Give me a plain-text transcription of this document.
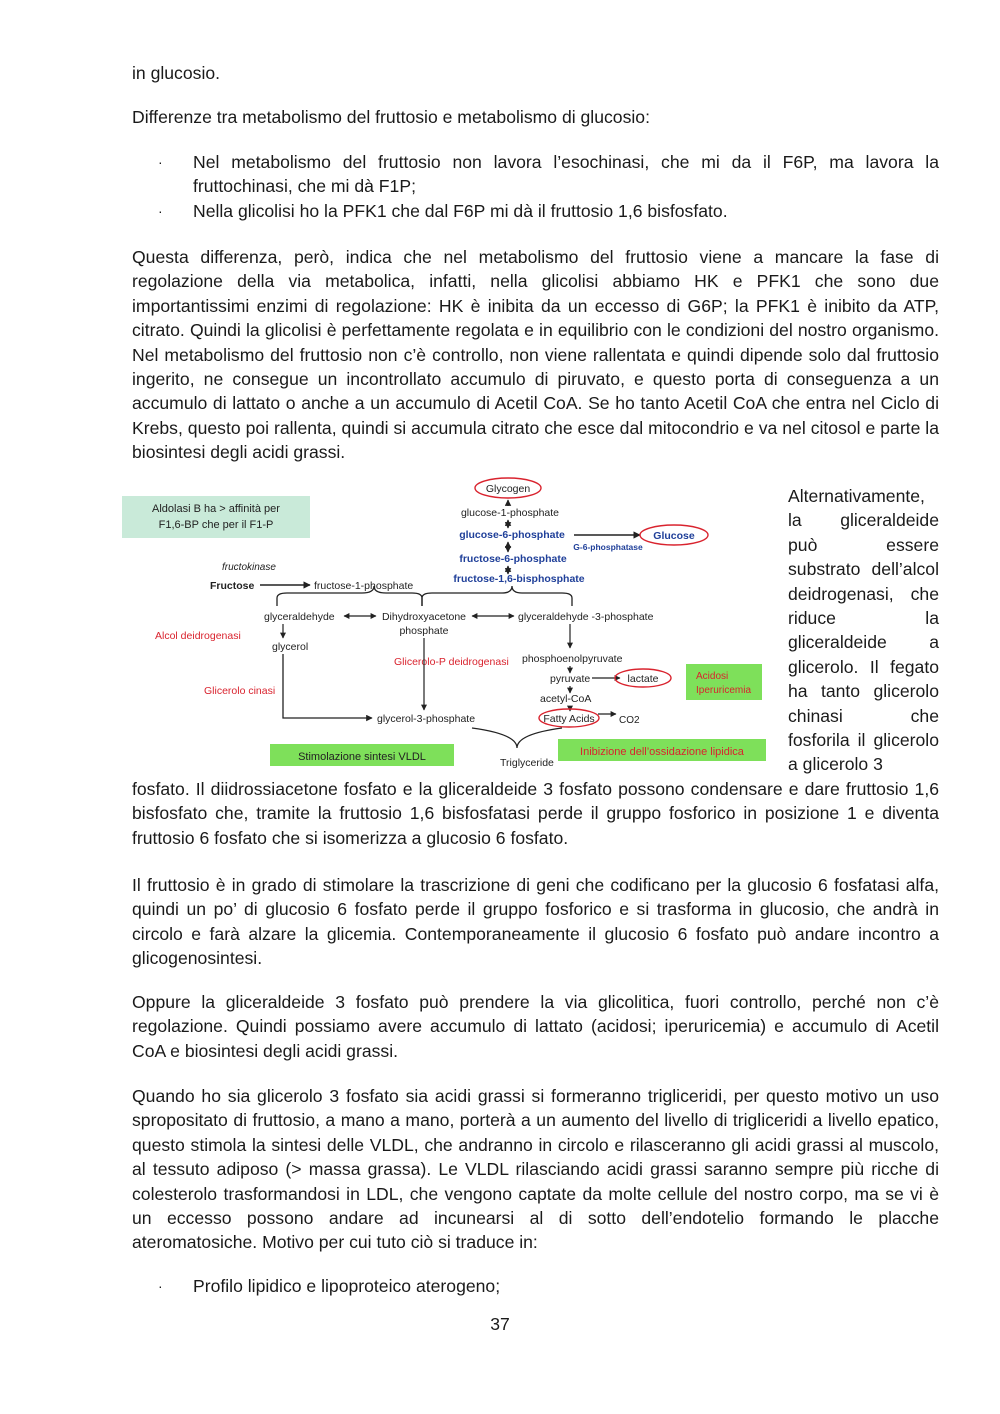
in glucosio.

Differenze tra metabolismo del fruttosio e metabolismo di glucosio:

· Nel metabolismo del fruttosio non lavora l’esochinasi, che mi da il F6P, ma lavora la fruttochinasi, che mi dà F1P;
· Nella glicolisi ho la PFK1 che dal F6P mi dà il fruttosio 1,6 bisfosfato.

Questa differenza, però, indica che nel metabolismo del fruttosio viene a mancare la fase di regolazione della via metabolica, infatti, nella glicolisi abbiamo HK e PFK1 che sono due importantissimi enzimi di regolazione: HK è inibita da un eccesso di G6P; la PFK1 è inibito da ATP, citrato. Quindi la glicolisi è perfettamente regolata e in equilibrio con le condizioni del nostro organismo. Nel metabolismo del fruttosio non c’è controllo, non viene rallentata e quindi dipende solo dal fruttosio ingerito, ne consegue un incontrollato accumulo di piruvato, e questo porta di conseguenza a un accumulo di lattato o anche a un accumulo di Acetil CoA. Se ho tanto Acetil CoA che entra nel Ciclo di Krebs, questo poi rallenta, quindi si accumula citrato che esce dal mitocondrio e va nel citosol e parte la biosintesi degli acidi grassi.

Aldolasi B ha > affinità per
F1,6-BP che per il F1-P
Glycogen
glucose-1-phosphate
glucose-6-phosphate	Glucose
G-6-phosphatase
fructose-6-phosphate
fructose-1,6-bisphosphate
fructokinase
Fructose	fructose-1-phosphate
glyceraldehyde	Dihydroxyacetone
phosphate
glyceraldehyde -3-phosphate
Alcol deidrogenasi
glycerol
Glicerolo-P deidrogenasi phosphoenolpyruvate
pyruvate	lactate	Acidosi
Iperuricemia
Glicerolo cinasi
acetyl-CoA
glycerol-3-phosphate	Fatty Acids CO2
Triglyceride
Stimolazione sintesi VLDL	Inibizione dell’ossidazione lipidica

Alternativamente, la gliceraldeide può essere substrato dell’alcol deidrogenasi, che riduce la gliceraldeide a glicerolo. Il fegato ha tanto glicerolo chinasi che fosforila il glicerolo a glicerolo 3

fosfato. Il diidrossiacetone fosfato e la gliceraldeide 3 fosfato possono condensare e dare fruttosio 1,6 bisfosfato che, tramite la fruttosio 1,6 bisfosfatasi perde il gruppo fosforico in posizione 1 e diventa fruttosio 6 fosfato che si isomerizza a glucosio 6 fosfato.

Il fruttosio è in grado di stimolare la trascrizione di geni che codificano per la glucosio 6 fosfatasi alfa, quindi un po’ di glucosio 6 fosfato perde il gruppo fosforico e si trasforma in glucosio, che andrà in circolo e farà alzare la glicemia. Contemporaneamente il glucosio 6 fosfato può andare incontro a glicogenosintesi.

Oppure la gliceraldeide 3 fosfato può prendere la via glicolitica, fuori controllo, perché non c’è regolazione. Quindi possiamo avere accumulo di lattato (acidosi; iperuricemia) e accumulo di Acetil CoA e biosintesi degli acidi grassi.

Quando ho sia glicerolo 3 fosfato sia acidi grassi si formeranno trigliceridi, per questo motivo un uso spropositato di fruttosio, a mano a mano, porterà a un aumento del livello di trigliceridi a livello epatico, questo stimola la sintesi delle VLDL, che andranno in circolo e rilasceranno gli acidi grassi al muscolo, al tessuto adiposo (> massa grassa). Le VLDL rilasciando acidi grassi saranno sempre più ricche di colesterolo trasformandosi in LDL, che vengono captate da molte cellule del nostro corpo, ma se vi è un eccesso possono andare ad incunearsi al di sotto dell’endotelio formando le placche ateromatosiche. Motivo per cui tuto ciò si traduce in:

· Profilo lipidico e lipoproteico aterogeno;
37
